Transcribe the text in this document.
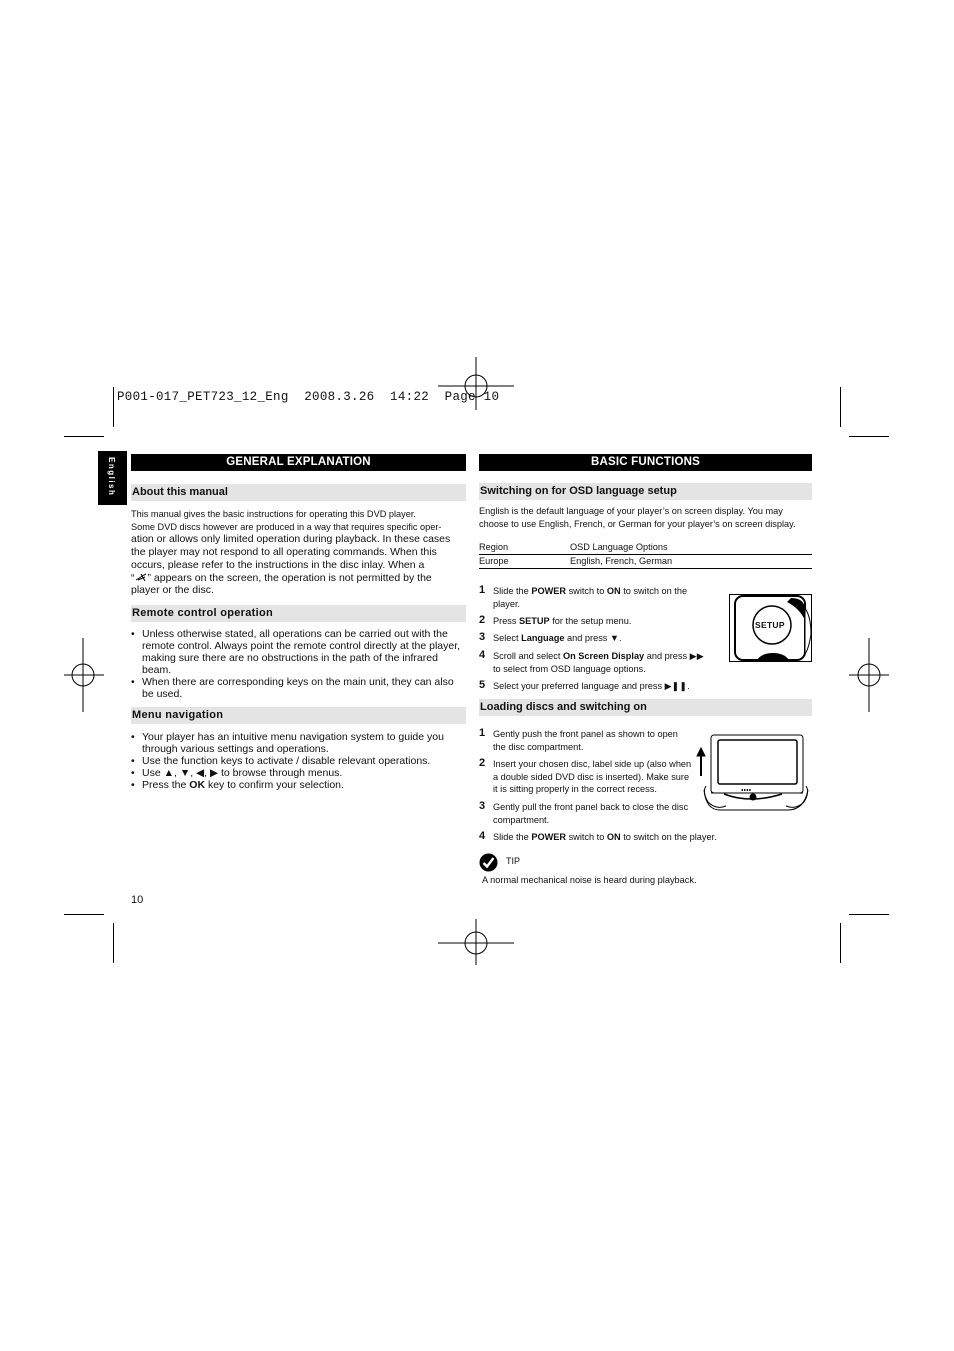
P001-017_PET723_12_Eng  2008.3.26  14:22  Page 10
English	GENERAL EXPLANATION
About this manual
This manual gives the basic instructions for operating this DVD player.
Some DVD discs however are produced in a way that requires specific oper-
ation or allows only limited operation during playback. In these cases
the player may not respond to all operating commands. When this
occurs, please refer to the instructions in the disc inlay. When a
“ ” appears on the screen, the operation is not permitted by the
player or the disc.
Remote control operation
• Unless otherwise stated, all operations can be carried out with the remote control. Always point the remote control directly at the player, making sure there are no obstructions in the path of the infrared beam.
• When there are corresponding keys on the main unit, they can also be used.
Menu navigation
• Your player has an intuitive menu navigation system to guide you through various settings and operations.
• Use the function keys to activate / disable relevant operations.
• Use ▲, ▼, ◀, ▶ to browse through menus.
• Press the OK key to confirm your selection.
10
BASIC FUNCTIONS
Switching on for OSD language setup
English is the default language of your player’s on screen display. You may
choose to use English, French, or German for your player’s on screen display.
Region	OSD Language Options
Europe	English, French, German
1 Slide the POWER switch to ON to switch on the
player.
2 Press SETUP for the setup menu.
3 Select Language and press ▼.
4 Scroll and select On Screen Display and press ▶▶
to select from OSD language options.
5 Select your preferred language and press ▶❚❚.
SETUP
Loading discs and switching on
1 Gently push the front panel as shown to open
the disc compartment.
2 Insert your chosen disc, label side up (also when
a double sided DVD disc is inserted). Make sure
it is sitting properly in the correct recess.
3 Gently pull the front panel back to close the disc
compartment.
4 Slide the POWER switch to ON to switch on the player.
∎∎∎∎
TIP
A normal mechanical noise is heard during playback.
